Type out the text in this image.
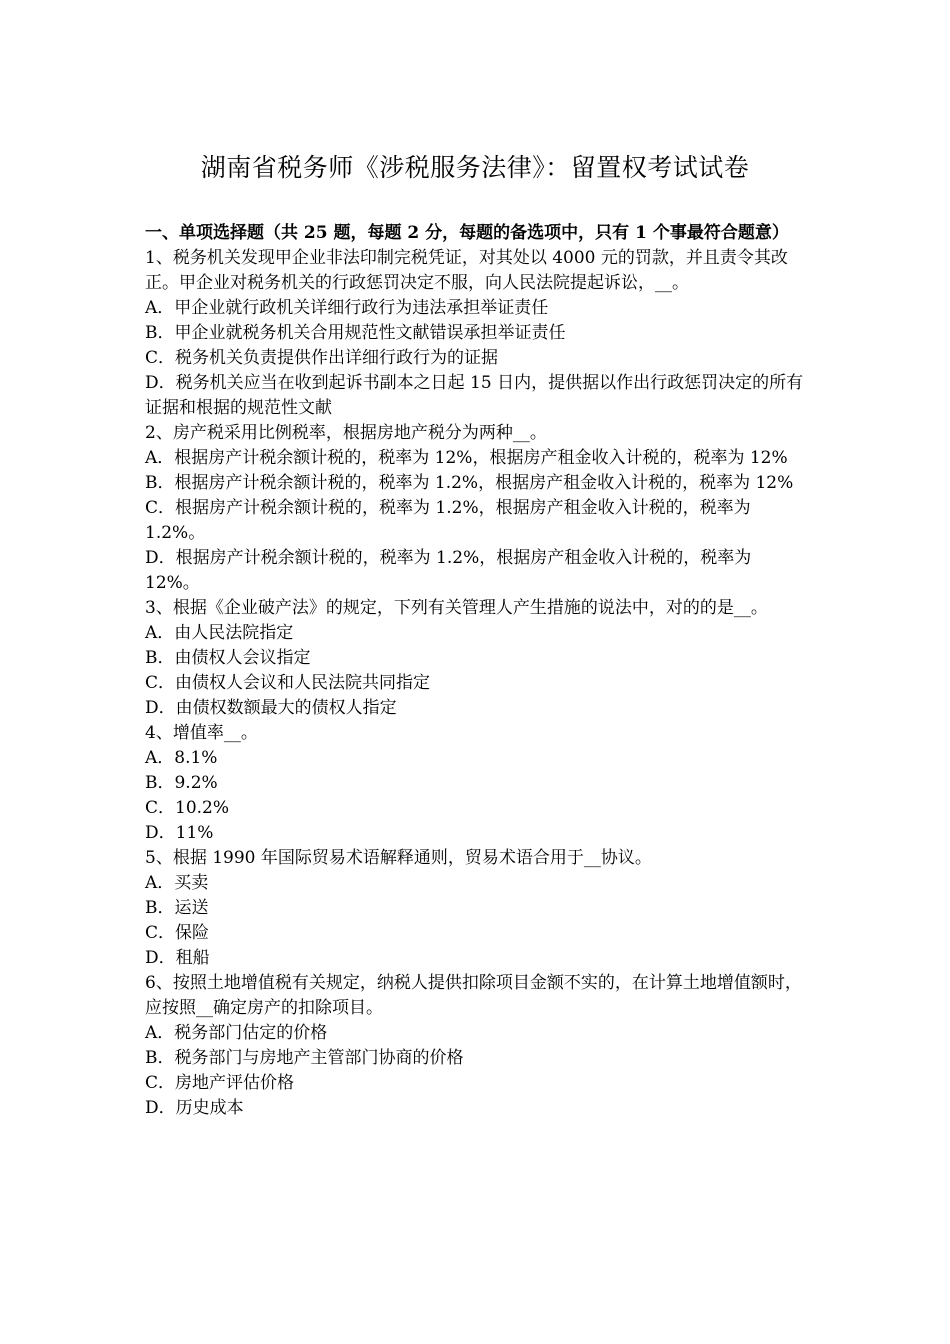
湖南省税务师《涉税服务法律》：留置权考试试卷

一、单项选择题（共 25 题，每题 2 分，每题的备选项中，只有 1 个事最符合题意）

1、税务机关发现甲企业非法印制完税凭证，对其处以 4000 元的罚款，并且责令其改正。甲企业对税务机关的行政惩罚决定不服，向人民法院提起诉讼，__。

A．甲企业就行政机关详细行政行为违法承担举证责任

B．甲企业就税务机关合用规范性文献错误承担举证责任

C．税务机关负责提供作出详细行政行为的证据

D．税务机关应当在收到起诉书副本之日起 15 日内，提供据以作出行政惩罚决定的所有证据和根据的规范性文献

2、房产税采用比例税率，根据房地产税分为两种__。

A．根据房产计税余额计税的，税率为 12%，根据房产租金收入计税的，税率为 12%

B．根据房产计税余额计税的，税率为 1.2%，根据房产租金收入计税的，税率为 12%

C．根据房产计税余额计税的，税率为 1.2%，根据房产租金收入计税的，税率为 1.2%。

D．根据房产计税余额计税的，税率为 1.2%，根据房产租金收入计税的，税率为 12%。

3、根据《企业破产法》的规定，下列有关管理人产生措施的说法中，对的的是__。

A．由人民法院指定

B．由债权人会议指定

C．由债权人会议和人民法院共同指定

D．由债权数额最大的债权人指定

4、增值率__。

A．8.1%

B．9.2%

C．10.2%

D．11%

5、根据 1990 年国际贸易术语解释通则，贸易术语合用于__协议。

A．买卖

B．运送

C．保险

D．租船

6、按照土地增值税有关规定，纳税人提供扣除项目金额不实的，在计算土地增值额时，应按照__确定房产的扣除项目。

A．税务部门估定的价格

B．税务部门与房地产主管部门协商的价格

C．房地产评估价格

D．历史成本
